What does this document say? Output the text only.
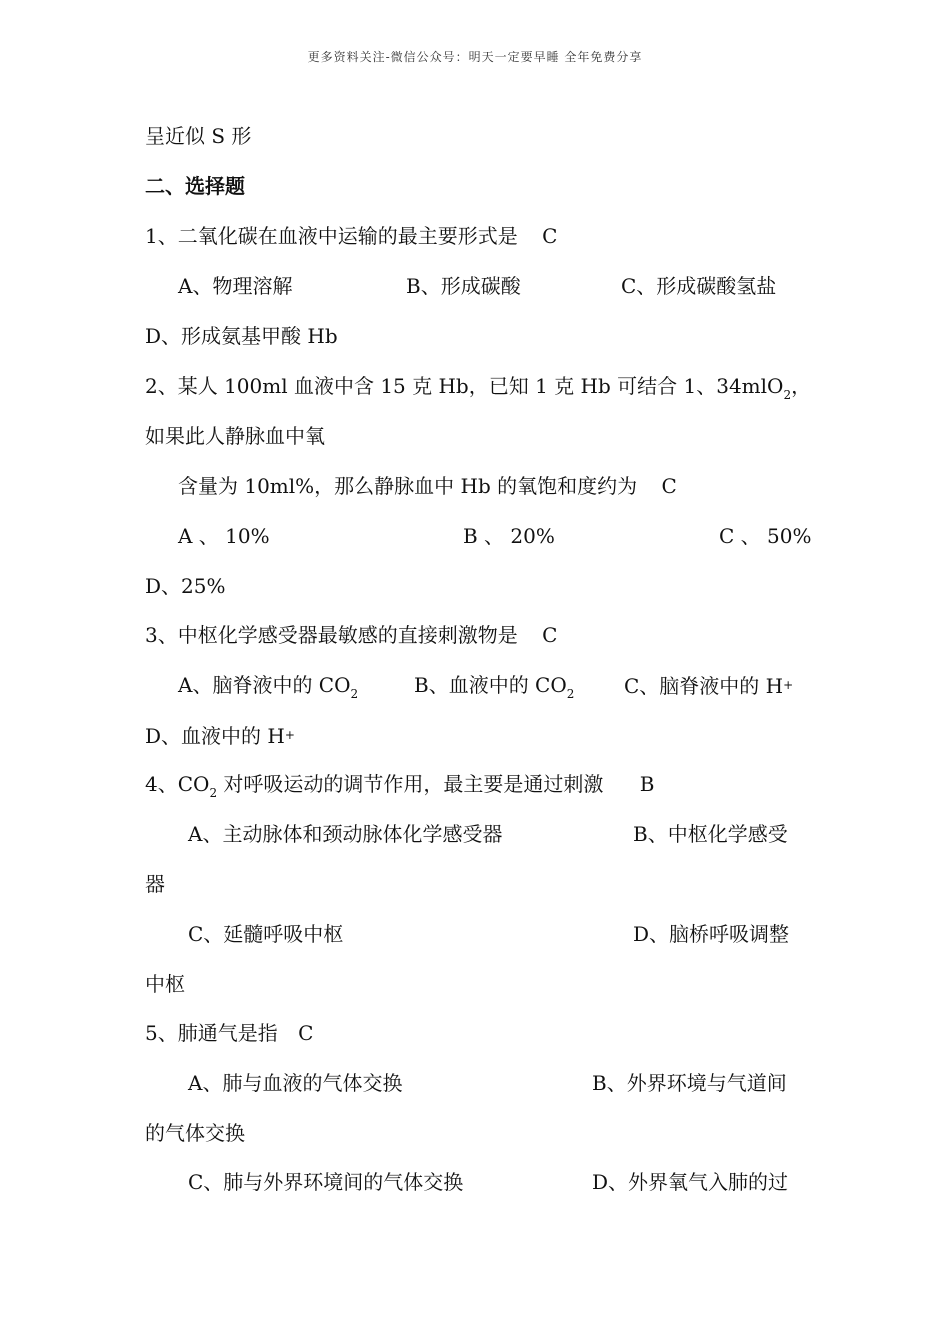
更多资料关注-微信公众号：明天一定要早睡 全年免费分享
呈近似 S 形
二、选择题
1、二氧化碳在血液中运输的最主要形式是 C
A、物理溶解	B、形成碳酸	C、形成碳酸氢盐
D、形成氨基甲酸 Hb
2、某人 100ml 血液中含 15 克 Hb，已知 1 克 Hb 可结合 1、34mlO$_2$，
如果此人静脉血中氧
含量为 10ml%，那么静脉血中 Hb 的氧饱和度约为 C
A 、 10%	B 、 20%	C 、 50%
D、25%
3、中枢化学感受器最敏感的直接刺激物是 C
A、脑脊液中的 $CO_2$	B、血液中的 $CO_2$ C、脑脊液中的 H+
D、血液中的 H+
4、$CO_2$ 对呼吸运动的调节作用，最主要是通过刺激 B
A、主动脉体和颈动脉体化学感受器	B、中枢化学感受
器
C、延髓呼吸中枢	D、脑桥呼吸调整
中枢
5、肺通气是指 C
A、肺与血液的气体交换	B、外界环境与气道间
的气体交换
C、肺与外界环境间的气体交换	D、外界氧气入肺的过
